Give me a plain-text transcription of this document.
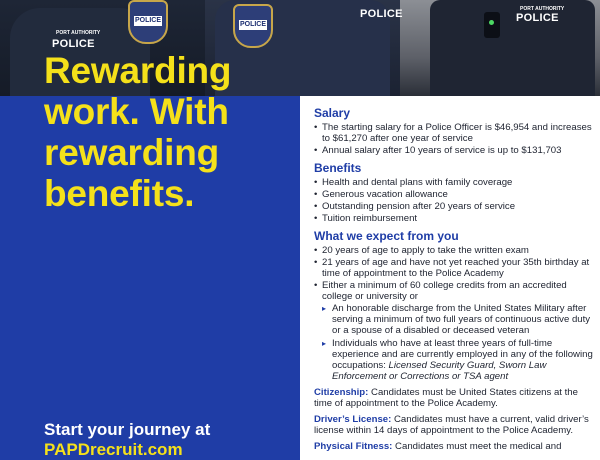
POLICE
POLICE
PORT AUTHORITY
POLICE
POLICE	PORT AUTHORITY
POLICE
Rewarding
work. With
rewarding
benefits.
Start your journey at
PAPDrecruit.com
Salary
• The starting salary for a Police Officer is $46,954 and increases to $61,270 after one year of service
• Annual salary after 10 years of service is up to $131,703
Benefits
• Health and dental plans with family coverage
• Generous vacation allowance
• Outstanding pension after 20 years of service
• Tuition reimbursement
What we expect from you
• 20 years of age to apply to take the written exam
• 21 years of age and have not yet reached your 35th birthday at time of appointment to the Police Academy
• Either a minimum of 60 college credits from an accredited college or university or
▸ An honorable discharge from the United States Military after serving a minimum of two full years of continuous active duty or a spouse of a disabled or deceased veteran
▸ Individuals who have at least three years of full-time experience and are currently employed in any of the following occupations: Licensed Security Guard, Sworn Law Enforcement or Corrections or TSA agent
Citizenship: Candidates must be United States citizens at the time of appointment to the Police Academy.
Driver’s License: Candidates must have a current, valid driver’s license within 14 days of appointment to the Police Academy.
Physical Fitness: Candidates must meet the medical and
